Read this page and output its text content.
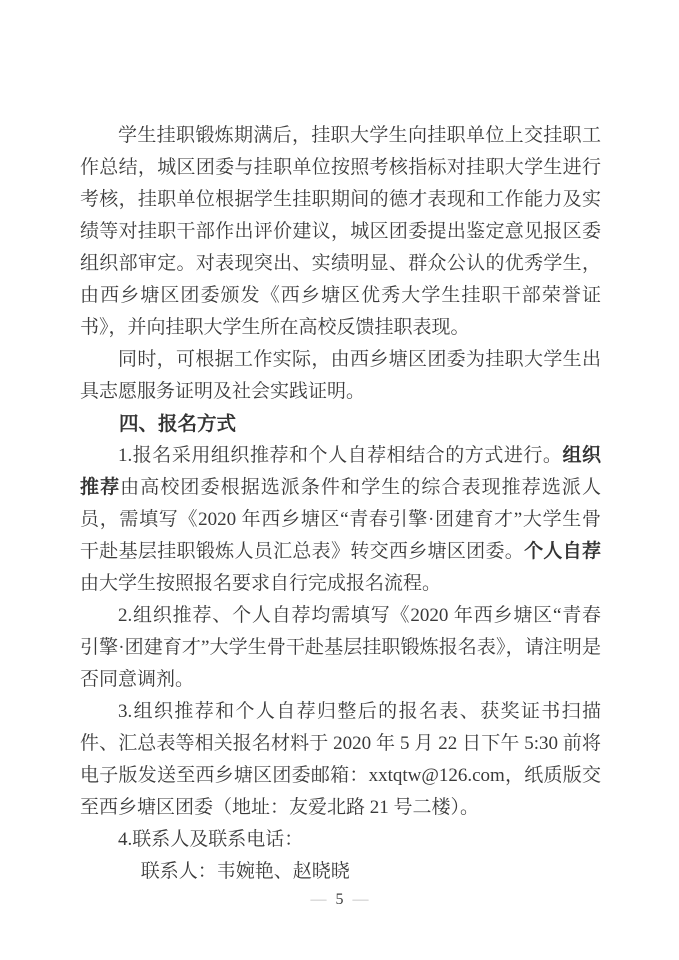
学生挂职锻炼期满后，挂职大学生向挂职单位上交挂职工作总结，城区团委与挂职单位按照考核指标对挂职大学生进行考核，挂职单位根据学生挂职期间的德才表现和工作能力及实绩等对挂职干部作出评价建议，城区团委提出鉴定意见报区委组织部审定。对表现突出、实绩明显、群众公认的优秀学生，由西乡塘区团委颁发《西乡塘区优秀大学生挂职干部荣誉证书》，并向挂职大学生所在高校反馈挂职表现。

同时，可根据工作实际，由西乡塘区团委为挂职大学生出具志愿服务证明及社会实践证明。

四、报名方式

1.报名采用组织推荐和个人自荐相结合的方式进行。组织推荐由高校团委根据选派条件和学生的综合表现推荐选派人员，需填写《2020 年西乡塘区“青春引擎·团建育才”大学生骨干赴基层挂职锻炼人员汇总表》转交西乡塘区团委。个人自荐由大学生按照报名要求自行完成报名流程。

2.组织推荐、个人自荐均需填写《2020 年西乡塘区“青春引擎·团建育才”大学生骨干赴基层挂职锻炼报名表》，请注明是否同意调剂。

3.组织推荐和个人自荐归整后的报名表、获奖证书扫描件、汇总表等相关报名材料于 2020 年 5 月 22 日下午 5:30 前将电子版发送至西乡塘区团委邮箱：xxtqtw@126.com，纸质版交至西乡塘区团委（地址：友爱北路 21 号二楼）。

4.联系人及联系电话：

联系人：韦婉艳、赵晓晓

— 5 —
